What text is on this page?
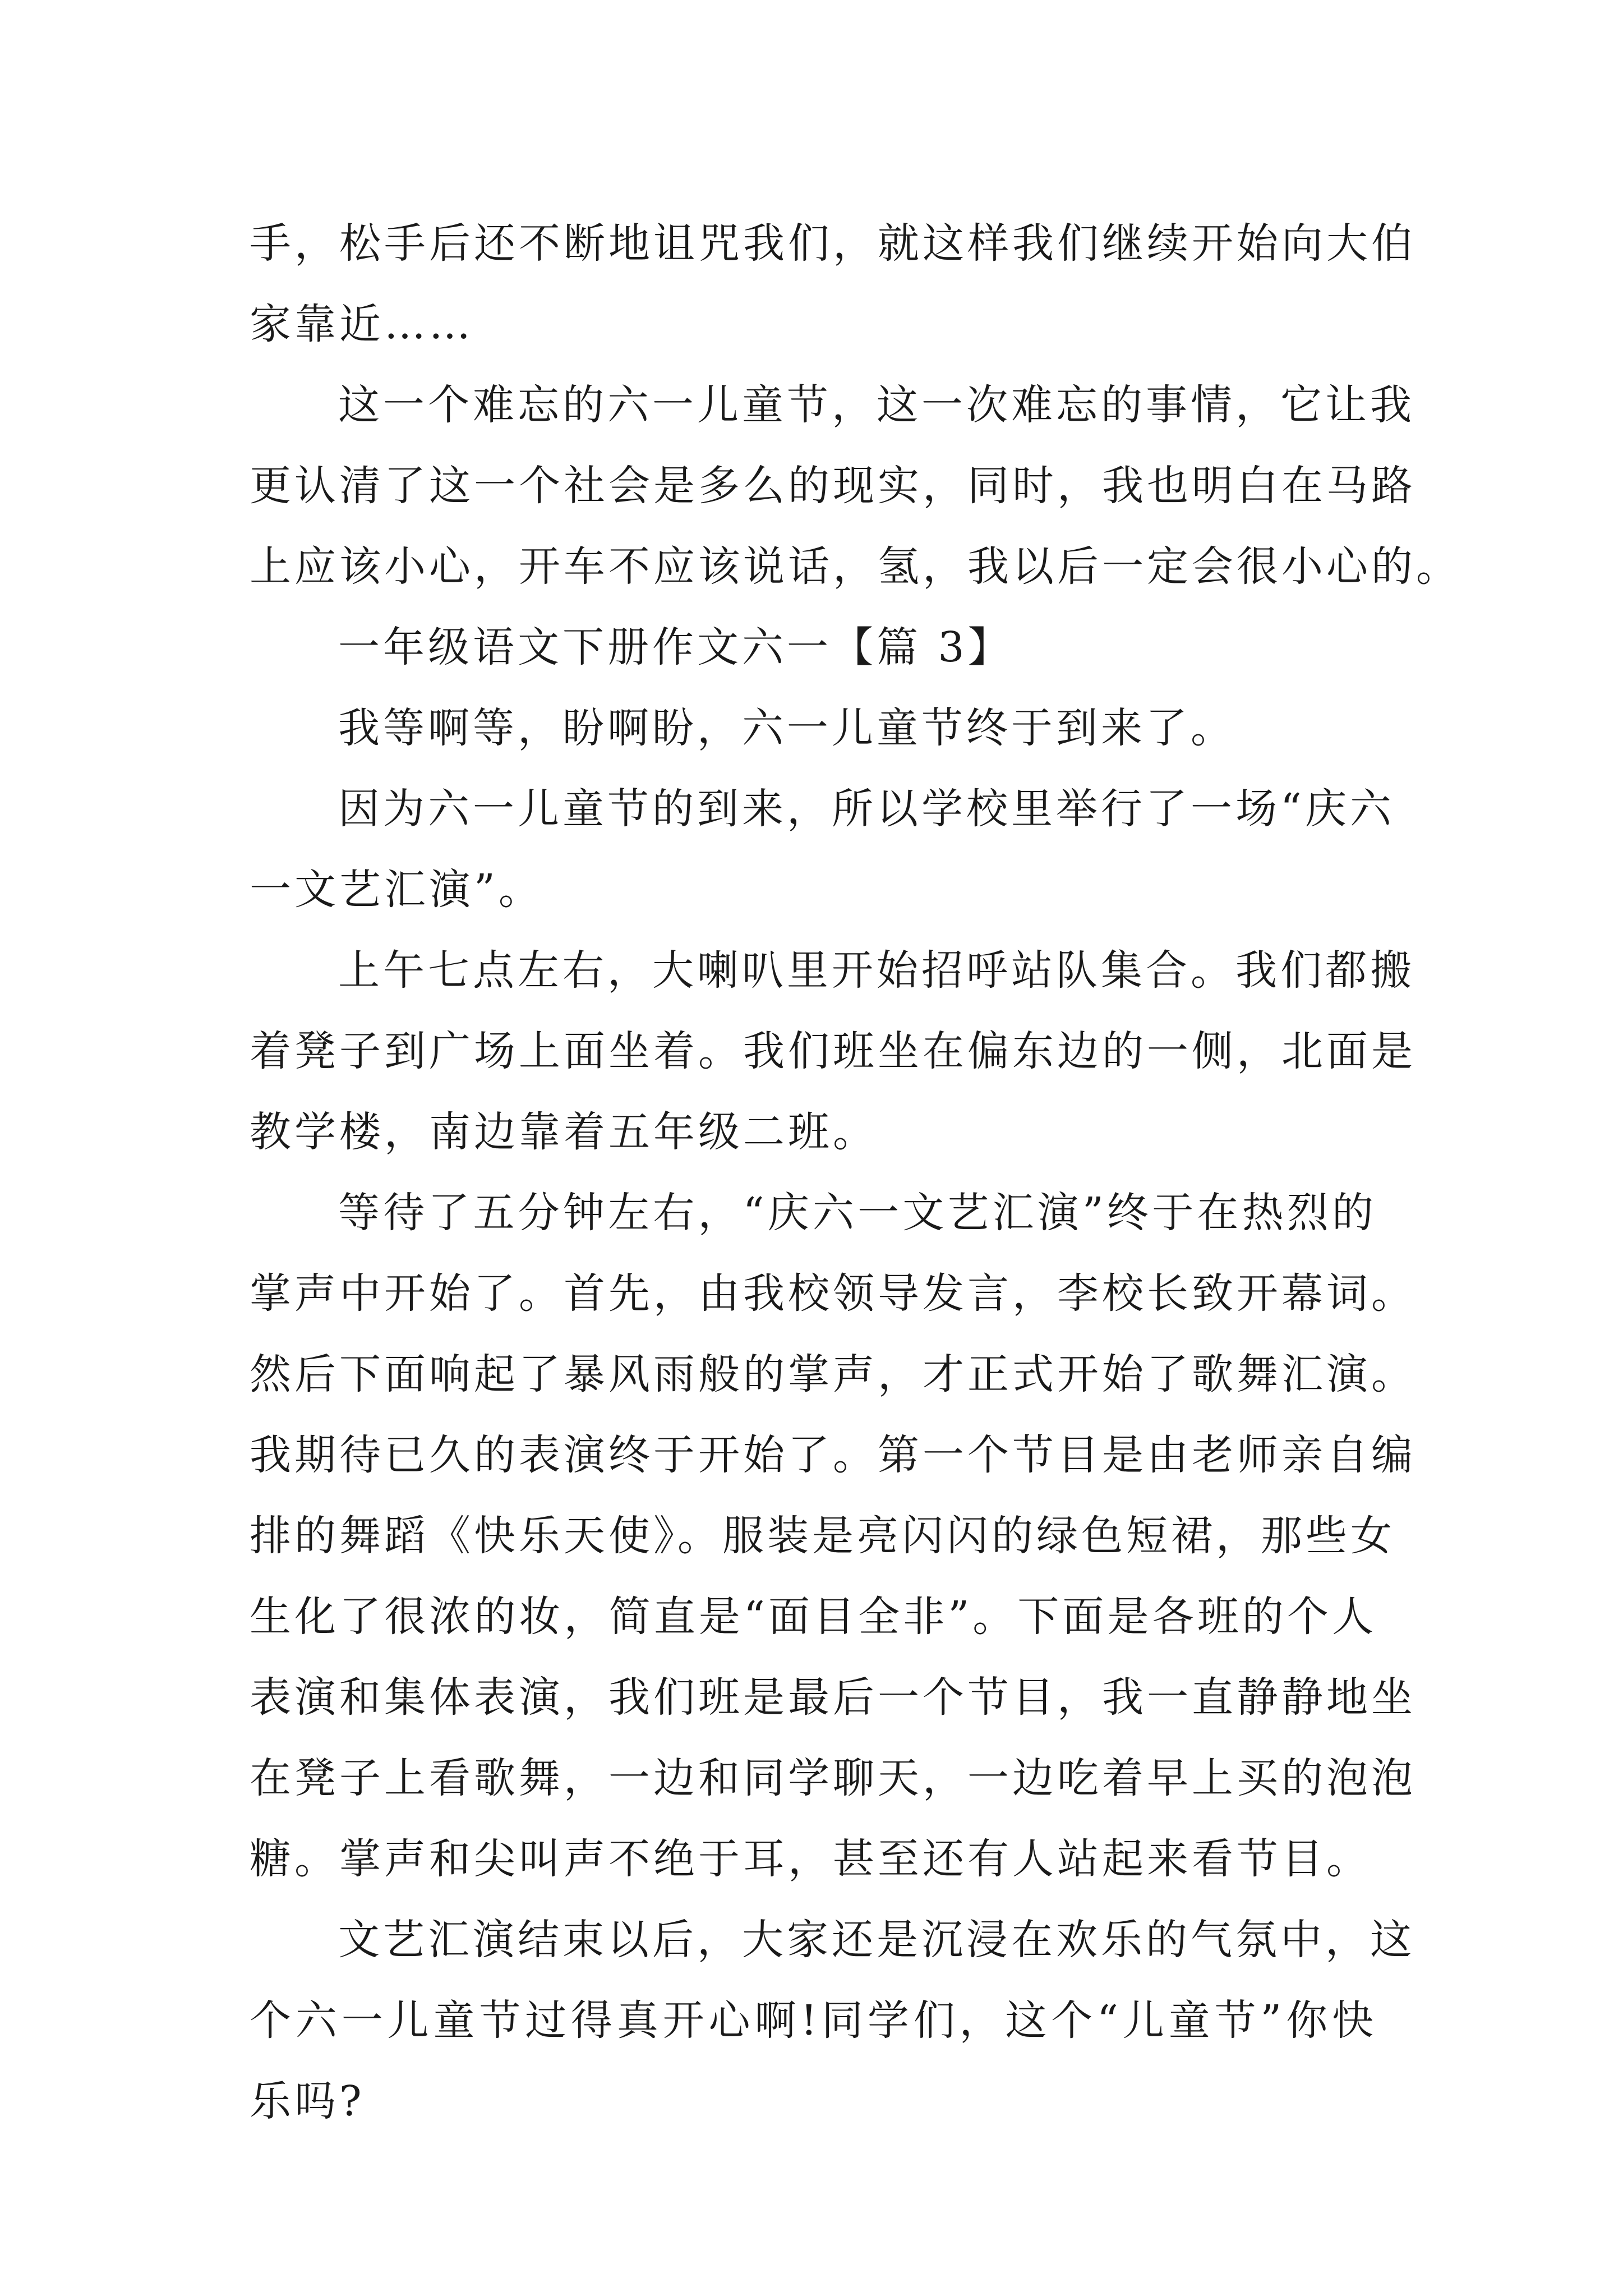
手，松手后还不断地诅咒我们，就这样我们继续开始向大伯
家靠近……
这一个难忘的六一儿童节，这一次难忘的事情，它让我
更认清了这一个社会是多么的现实，同时，我也明白在马路
上应该小心，开车不应该说话，氢，我以后一定会很小心的。
一年级语文下册作文六一【篇 3】
我等啊等，盼啊盼，六一儿童节终于到来了。
因为六一儿童节的到来，所以学校里举行了一场“庆六
一文艺汇演”。
上午七点左右，大喇叭里开始招呼站队集合。我们都搬
着凳子到广场上面坐着。我们班坐在偏东边的一侧，北面是
教学楼，南边靠着五年级二班。
等待了五分钟左右，“庆六一文艺汇演”终于在热烈的
掌声中开始了。首先，由我校领导发言，李校长致开幕词。
然后下面响起了暴风雨般的掌声，才正式开始了歌舞汇演。
我期待已久的表演终于开始了。第一个节目是由老师亲自编
排的舞蹈《快乐天使》。服装是亮闪闪的绿色短裙，那些女
生化了很浓的妆，简直是“面目全非”。下面是各班的个人
表演和集体表演，我们班是最后一个节目，我一直静静地坐
在凳子上看歌舞，一边和同学聊天，一边吃着早上买的泡泡
糖。掌声和尖叫声不绝于耳，甚至还有人站起来看节目。
文艺汇演结束以后，大家还是沉浸在欢乐的气氛中，这
个六一儿童节过得真开心啊!同学们，这个“儿童节”你快
乐吗?
